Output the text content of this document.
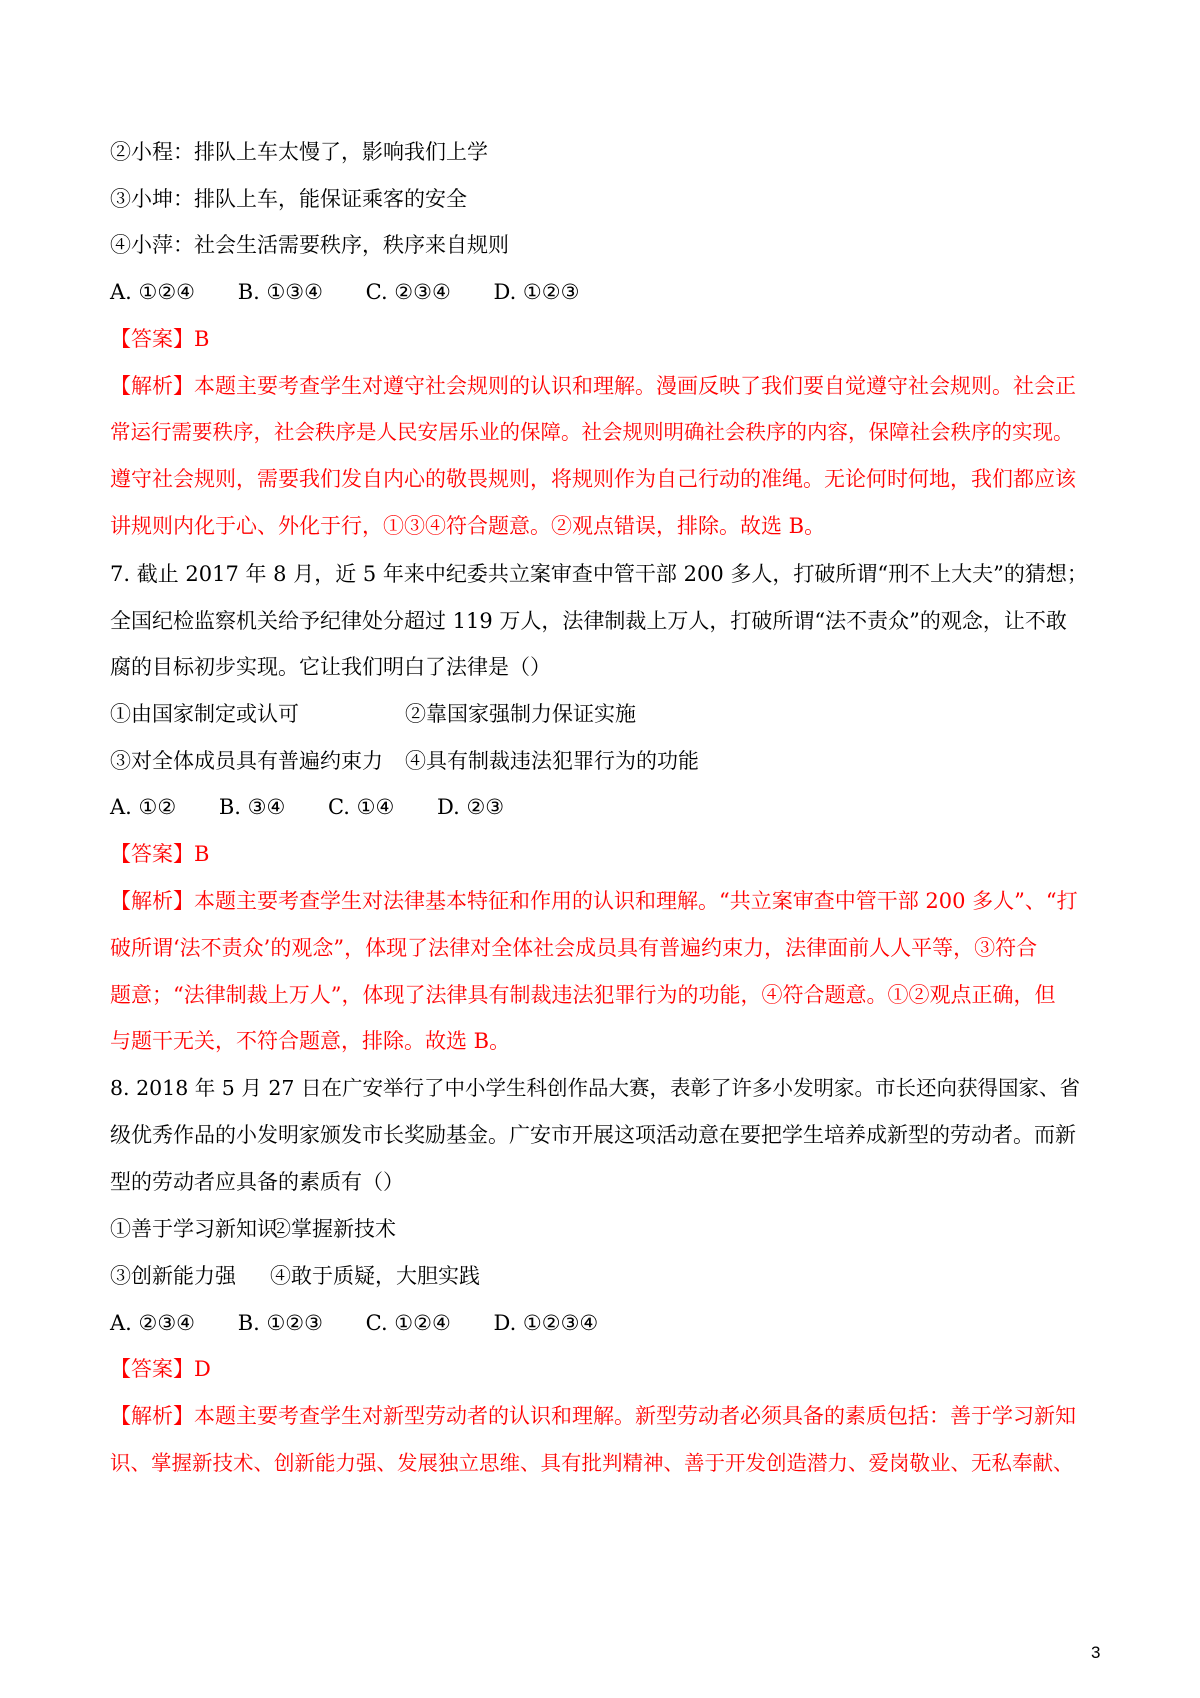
②小程：排队上车太慢了，影响我们上学
③小坤：排队上车，能保证乘客的安全
④小萍：社会生活需要秩序，秩序来自规则
A. ①②④ B. ①③④ C. ②③④ D. ①②③
【答案】B
【解析】本题主要考查学生对遵守社会规则的认识和理解。漫画反映了我们要自觉遵守社会规则。社会正
常运行需要秩序，社会秩序是人民安居乐业的保障。社会规则明确社会秩序的内容，保障社会秩序的实现。
遵守社会规则，需要我们发自内心的敬畏规则，将规则作为自己行动的准绳。无论何时何地，我们都应该
讲规则内化于心、外化于行，①③④符合题意。②观点错误，排除。故选 B。
7. 截止 2017 年 8 月，近 5 年来中纪委共立案审查中管干部 200 多人，打破所谓“刑不上大夫”的猜想；
全国纪检监察机关给予纪律处分超过 119 万人，法律制裁上万人，打破所谓“法不责众”的观念，让不敢
腐的目标初步实现。它让我们明白了法律是（）
①由国家制定或认可	②靠国家强制力保证实施
③对全体成员具有普遍约束力 ④具有制裁违法犯罪行为的功能
A. ①② B. ③④ C. ①④ D. ②③
【答案】B
【解析】本题主要考查学生对法律基本特征和作用的认识和理解。“共立案审查中管干部 200 多人”、“打
破所谓‘法不责众’的观念”，体现了法律对全体社会成员具有普遍约束力，法律面前人人平等，③符合
题意；“法律制裁上万人”，体现了法律具有制裁违法犯罪行为的功能，④符合题意。①②观点正确，但
与题干无关，不符合题意，排除。故选 B。
8. 2018 年 5 月 27 日在广安举行了中小学生科创作品大赛，表彰了许多小发明家。市长还向获得国家、省
级优秀作品的小发明家颁发市长奖励基金。广安市开展这项活动意在要把学生培养成新型的劳动者。而新
型的劳动者应具备的素质有（）
①善于学习新知识②掌握新技术
③创新能力强 ④敢于质疑，大胆实践
A. ②③④ B. ①②③ C. ①②④ D. ①②③④
【答案】D
【解析】本题主要考查学生对新型劳动者的认识和理解。新型劳动者必须具备的素质包括：善于学习新知
识、掌握新技术、创新能力强、发展独立思维、具有批判精神、善于开发创造潜力、爱岗敬业、无私奉献、
3
